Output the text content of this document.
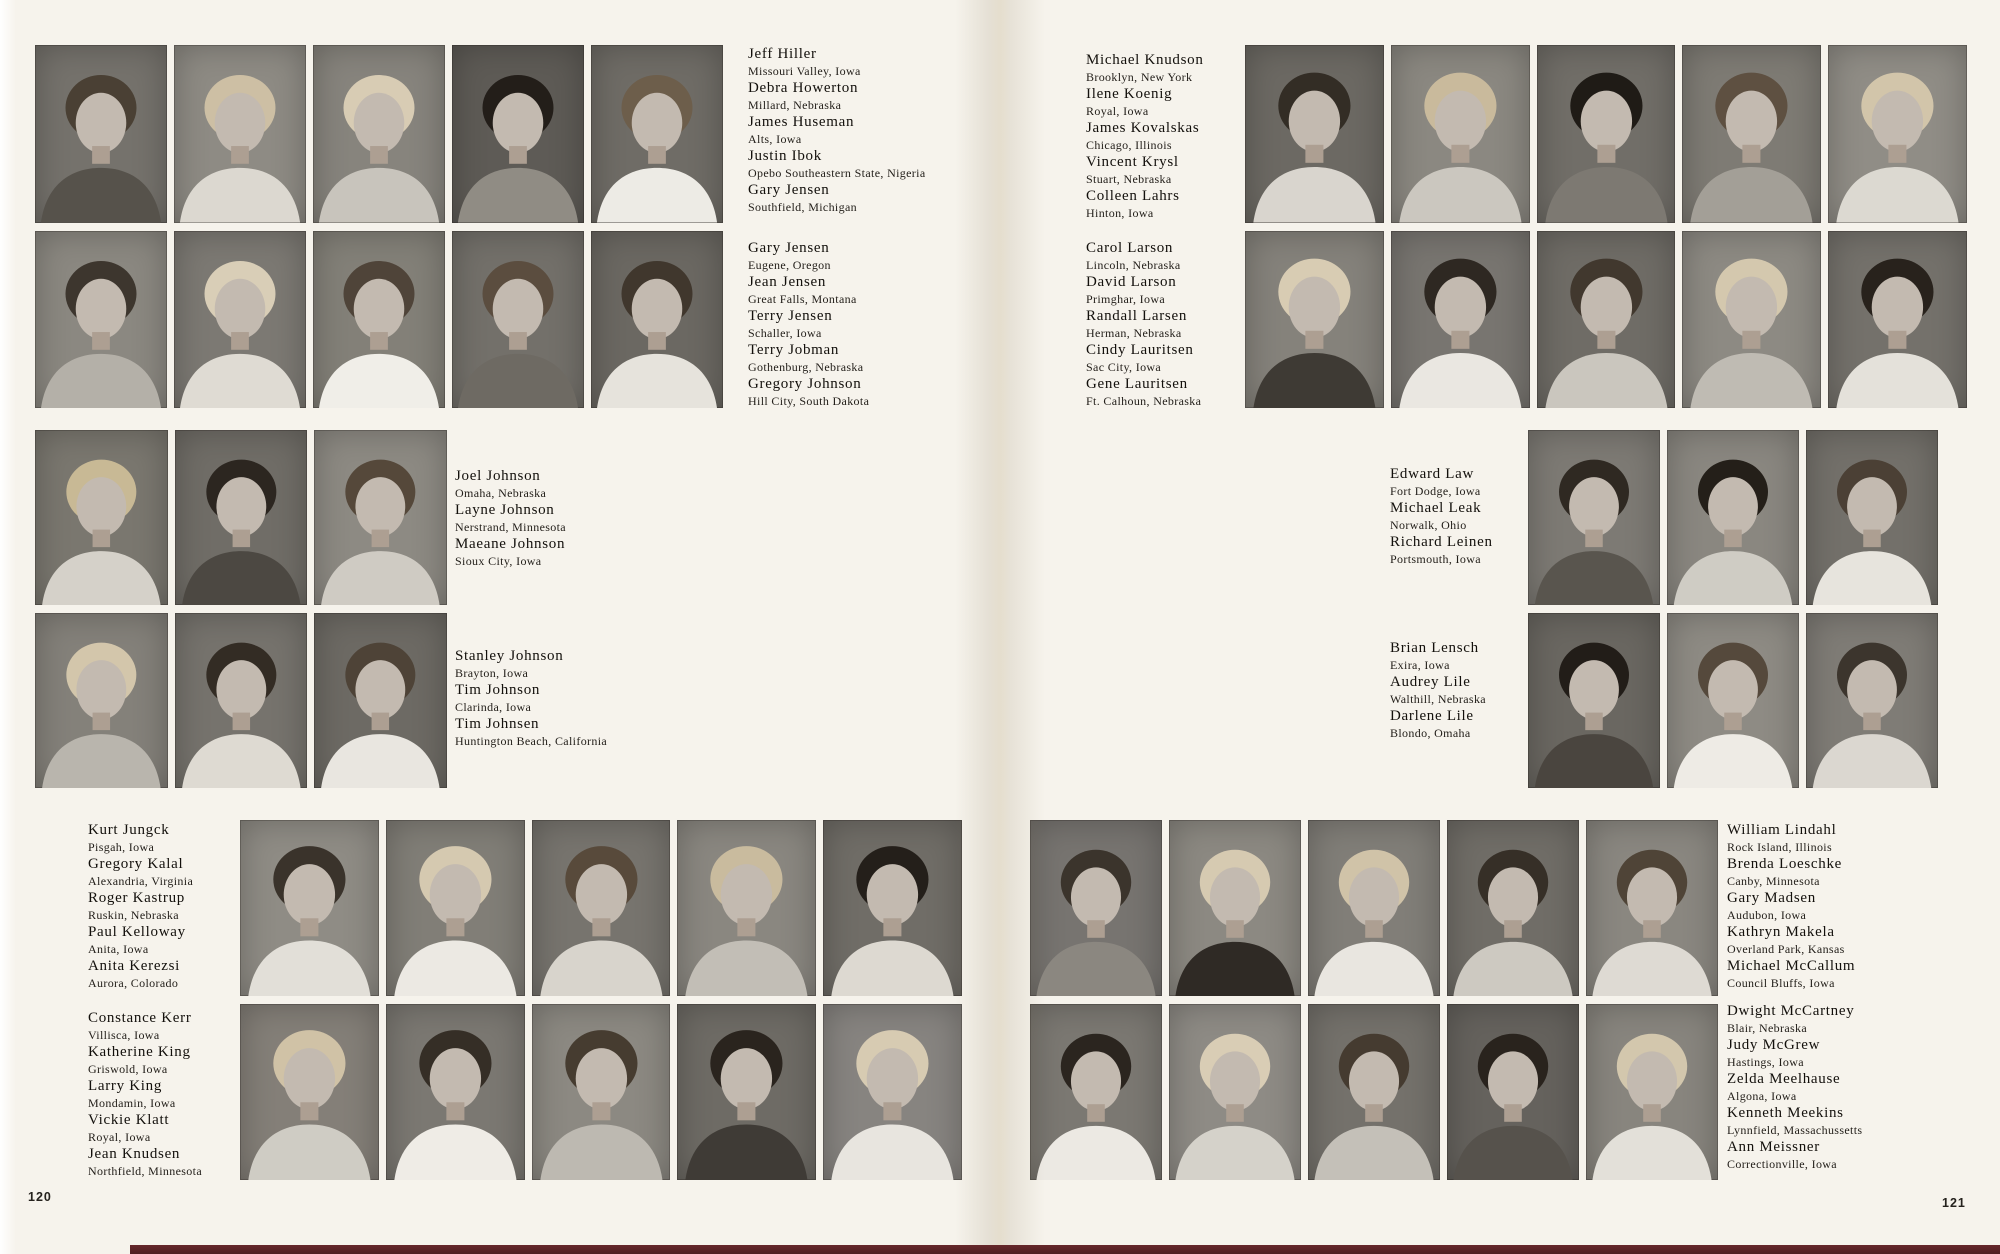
Jeff Hiller
Missouri Valley, Iowa
Debra Howerton
Millard, Nebraska
James Huseman
Alts, Iowa
Justin Ibok
Opebo Southeastern State, Nigeria
Gary Jensen
Southfield, Michigan
Gary Jensen
Eugene, Oregon
Jean Jensen
Great Falls, Montana
Terry Jensen
Schaller, Iowa
Terry Jobman
Gothenburg, Nebraska
Gregory Johnson
Hill City, South Dakota
Joel Johnson
Omaha, Nebraska
Layne Johnson
Nerstrand, Minnesota
Maeane Johnson
Sioux City, Iowa
Stanley Johnson
Brayton, Iowa
Tim Johnson
Clarinda, Iowa
Tim Johnsen
Huntington Beach, California
Kurt Jungck
Pisgah, Iowa
Gregory Kalal
Alexandria, Virginia
Roger Kastrup
Ruskin, Nebraska
Paul Kelloway
Anita, Iowa
Anita Kerezsi
Aurora, Colorado
Constance Kerr
Villisca, Iowa
Katherine King
Griswold, Iowa
Larry King
Mondamin, Iowa
Vickie Klatt
Royal, Iowa
Jean Knudsen
Northfield, Minnesota
120
Michael Knudson
Brooklyn, New York
Ilene Koenig
Royal, Iowa
James Kovalskas
Chicago, Illinois
Vincent Krysl
Stuart, Nebraska
Colleen Lahrs
Hinton, Iowa
Carol Larson
Lincoln, Nebraska
David Larson
Primghar, Iowa
Randall Larsen
Herman, Nebraska
Cindy Lauritsen
Sac City, Iowa
Gene Lauritsen
Ft. Calhoun, Nebraska
Edward Law
Fort Dodge, Iowa
Michael Leak
Norwalk, Ohio
Richard Leinen
Portsmouth, Iowa
Brian Lensch
Exira, Iowa
Audrey Lile
Walthill, Nebraska
Darlene Lile
Blondo, Omaha
William Lindahl
Rock Island, Illinois
Brenda Loeschke
Canby, Minnesota
Gary Madsen
Audubon, Iowa
Kathryn Makela
Overland Park, Kansas
Michael McCallum
Council Bluffs, Iowa
Dwight McCartney
Blair, Nebraska
Judy McGrew
Hastings, Iowa
Zelda Meelhause
Algona, Iowa
Kenneth Meekins
Lynnfield, Massachussetts
Ann Meissner
Correctionville, Iowa
121
